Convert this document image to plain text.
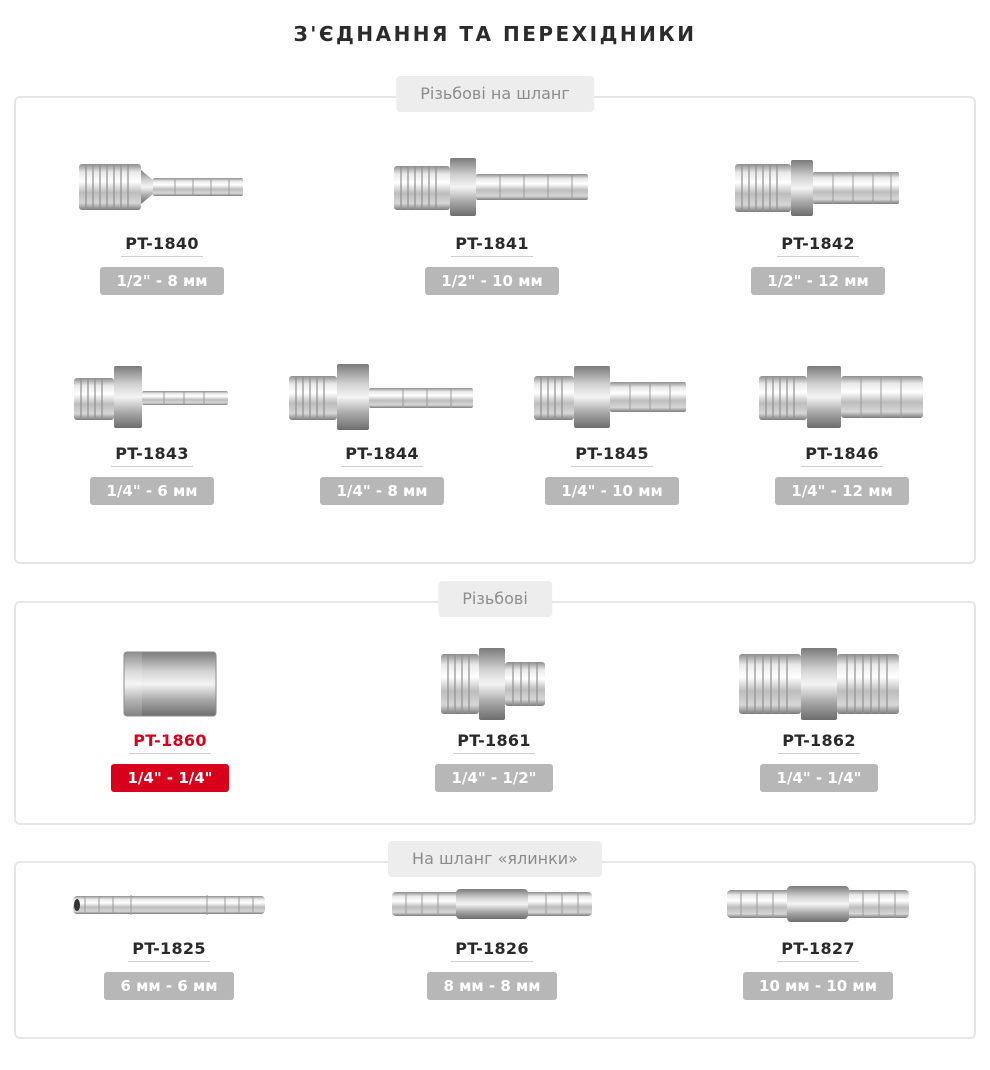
З'ЄДНАННЯ ТА ПЕРЕХІДНИКИ
Різьбові на шланг
PT-1840
1/2" - 8 мм
PT-1841
1/2" - 10 мм
PT-1842
1/2" - 12 мм
PT-1843
1/4" - 6 мм
PT-1844
1/4" - 8 мм
PT-1845
1/4" - 10 мм
PT-1846
1/4" - 12 мм
Різьбові
PT-1860
1/4" - 1/4"
PT-1861
1/4" - 1/2"
PT-1862
1/4" - 1/4"
На шланг «ялинки»
PT-1825
6 мм - 6 мм
PT-1826
8 мм - 8 мм
PT-1827
10 мм - 10 мм
